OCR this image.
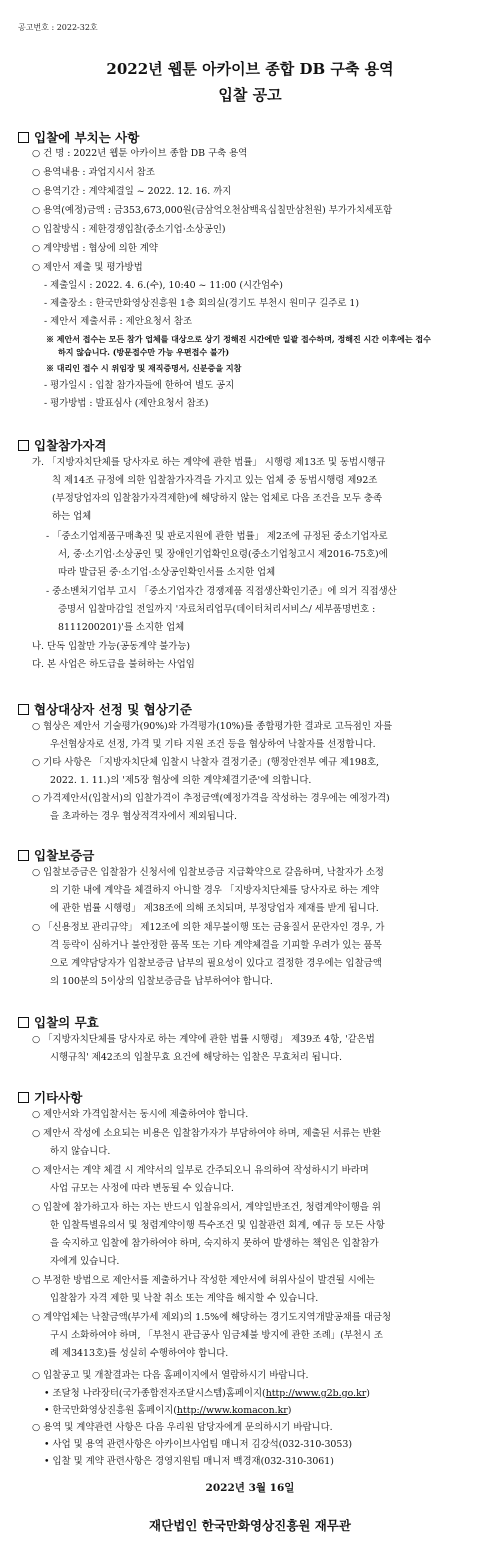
공고번호 : 2022-32호
2022년 웹툰 아카이브 종합 DB 구축 용역
입찰 공고
입찰에 부치는 사항
○ 건 명 : 2022년 웹툰 아카이브 종합 DB 구축 용역
○ 용역내용 : 과업지시서 참조
○ 용역기간 : 계약체결일 ~ 2022. 12. 16. 까지
○ 용역(예정)금액 : 금353,673,000원(금삼억오천삼백육십칠만삼천원) 부가가치세포함
○ 입찰방식 : 제한경쟁입찰(중소기업·소상공인)
○ 계약방법 : 협상에 의한 계약
○ 제안서 제출 및 평가방법
- 제출일시 : 2022. 4. 6.(수), 10:40 ~ 11:00 (시간엄수)
- 제출장소 : 한국만화영상진흥원 1층 회의실(경기도 부천시 원미구 길주로 1)
- 제안서 제출서류 : 제안요청서 참조
※ 제안서 접수는 모든 참가 업체를 대상으로 상기 정해진 시간에만 일괄 접수하며, 정해진 시간 이후에는 접수
하지 않습니다. (방문접수만 가능 우편접수 불가)
※ 대리인 접수 시 위임장 및 재직증명서, 신분증을 지참
- 평가일시 : 입찰 참가자들에 한하여 별도 공지
- 평가방법 : 발표심사 (제안요청서 참조)
입찰참가자격
가. 「지방자치단체를 당사자로 하는 계약에 관한 법률」 시행령 제13조 및 동법시행규
칙 제14조 규정에 의한 입찰참가자격을 가지고 있는 업체 중 동법시행령 제92조
(부정당업자의 입찰참가자격제한)에 해당하지 않는 업체로 다음 조건을 모두 충족
하는 업체
- 「중소기업제품구매촉진 및 판로지원에 관한 법률」 제2조에 규정된 중소기업자로
서, 중·소기업·소상공인 및 장애인기업확인요령(중소기업청고시 제2016-75호)에
따라 발급된 중·소기업·소상공인확인서를 소지한 업체
- 중소벤처기업부 고시 「중소기업자간 경쟁제품 직접생산확인기준」에 의거 직접생산
증명서 입찰마감일 전일까지 '자료처리업무(데이터처리서비스/ 세부품명번호 :
8111200201)'를 소지한 업체
나. 단독 입찰만 가능(공동계약 불가능)
다. 본 사업은 하도급을 불허하는 사업임
협상대상자 선정 및 협상기준
○ 협상은 제안서 기술평가(90%)와 가격평가(10%)를 종합평가한 결과로 고득점인 자를
우선협상자로 선정, 가격 및 기타 지원 조건 등을 협상하여 낙찰자를 선정합니다.
○ 기타 사항은 「지방자치단체 입찰시 낙찰자 결정기준」(행정안전부 예규 제198호,
2022. 1. 11.)의 '제5장 협상에 의한 계약체결기준'에 의합니다.
○ 가격제안서(입찰서)의 입찰가격이 추정금액(예정가격을 작성하는 경우에는 예정가격)
을 초과하는 경우 협상적격자에서 제외됩니다.
입찰보증금
○ 입찰보증금은 입찰참가 신청서에 입찰보증금 지급확약으로 갈음하며, 낙찰자가 소정
의 기한 내에 계약을 체결하지 아니할 경우 「지방자치단체를 당사자로 하는 계약
에 관한 법률 시행령」 제38조에 의해 조치되며, 부정당업자 제재를 받게 됩니다.
○ 「신용정보 관리규약」 제12조에 의한 채무불이행 또는 금융질서 문란자인 경우, 가
격 등락이 심하거나 불안정한 품목 또는 기타 계약체결을 기피할 우려가 있는 품목
으로 계약담당자가 입찰보증금 납부의 필요성이 있다고 결정한 경우에는 입찰금액
의 100분의 5이상의 입찰보증금을 납부하여야 합니다.
입찰의 무효
○ 「지방자치단체를 당사자로 하는 계약에 관한 법률 시행령」 제39조 4항, '같은법
시행규칙' 제42조의 입찰무효 요건에 해당하는 입찰은 무효처리 됩니다.
기타사항
○ 제안서와 가격입찰서는 동시에 제출하여야 합니다.
○ 제안서 작성에 소요되는 비용은 입찰참가자가 부담하여야 하며, 제출된 서류는 반환
하지 않습니다.
○ 제안서는 계약 체결 시 계약서의 일부로 간주되오니 유의하여 작성하시기 바라며
사업 규모는 사정에 따라 변동될 수 있습니다.
○ 입찰에 참가하고자 하는 자는 반드시 입찰유의서, 계약일반조건, 청렴계약이행을 위
한 입찰특별유의서 및 청렴계약이행 특수조건 및 입찰관련 회계, 예규 등 모든 사항
을 숙지하고 입찰에 참가하여야 하며, 숙지하지 못하여 발생하는 책임은 입찰참가
자에게 있습니다.
○ 부정한 방법으로 제안서를 제출하거나 작성한 제안서에 허위사실이 발견될 시에는
입찰참가 자격 제한 및 낙찰 취소 또는 계약을 해지할 수 있습니다.
○ 계약업체는 낙찰금액(부가세 제외)의 1.5%에 해당하는 경기도지역개발공채를 대금청
구시 소화하여야 하며, 「부천시 관급공사 임금체불 방지에 관한 조례」(부천시 조
례 제3413호)를 성실히 수행하여야 합니다.
○ 입찰공고 및 개찰결과는 다음 홈페이지에서 열람하시기 바랍니다.
• 조달청 나라장터(국가종합전자조달시스템)홈페이지(http://www.g2b.go.kr)
• 한국만화영상진흥원 홈페이지(http://www.komacon.kr)
○ 용역 및 계약관련 사항은 다음 우리원 담당자에게 문의하시기 바랍니다.
• 사업 및 용역 관련사항은 아카이브사업팀 매니저 김강석(032-310-3053)
• 입찰 및 계약 관련사항은 경영지원팀 매니저 백경재(032-310-3061)
2022년 3월 16일
재단법인 한국만화영상진흥원 재무관
